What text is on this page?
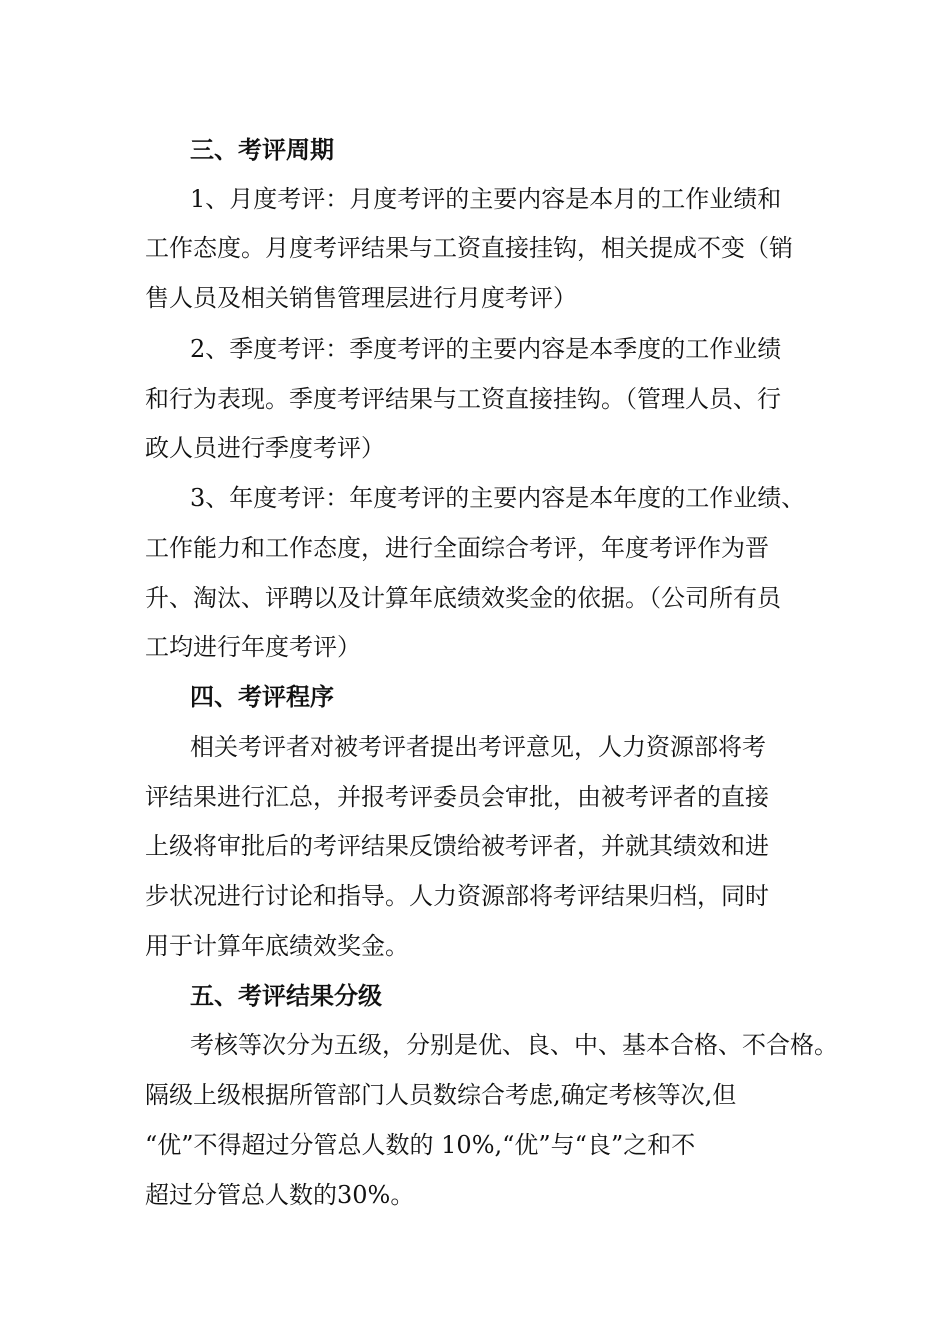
三、考评周期
1、月度考评：月度考评的主要内容是本月的工作业绩和
工作态度。月度考评结果与工资直接挂钩，相关提成不变（销
售人员及相关销售管理层进行月度考评）
2、季度考评：季度考评的主要内容是本季度的工作业绩
和行为表现。季度考评结果与工资直接挂钩。（管理人员、行
政人员进行季度考评）
3、年度考评：年度考评的主要内容是本年度的工作业绩、
工作能力和工作态度，进行全面综合考评，年度考评作为晋
升、淘汰、评聘以及计算年底绩效奖金的依据。（公司所有员
工均进行年度考评）
四、考评程序
相关考评者对被考评者提出考评意见，人力资源部将考
评结果进行汇总，并报考评委员会审批，由被考评者的直接
上级将审批后的考评结果反馈给被考评者，并就其绩效和进
步状况进行讨论和指导。人力资源部将考评结果归档，同时
用于计算年底绩效奖金。
五、考评结果分级
考核等次分为五级，分别是优、良、中、基本合格、不合格。
隔级上级根据所管部门人员数综合考虑,确定考核等次,但
“优”不得超过分管总人数的 10%,“优”与“良”之和不
超过分管总人数的30%。
